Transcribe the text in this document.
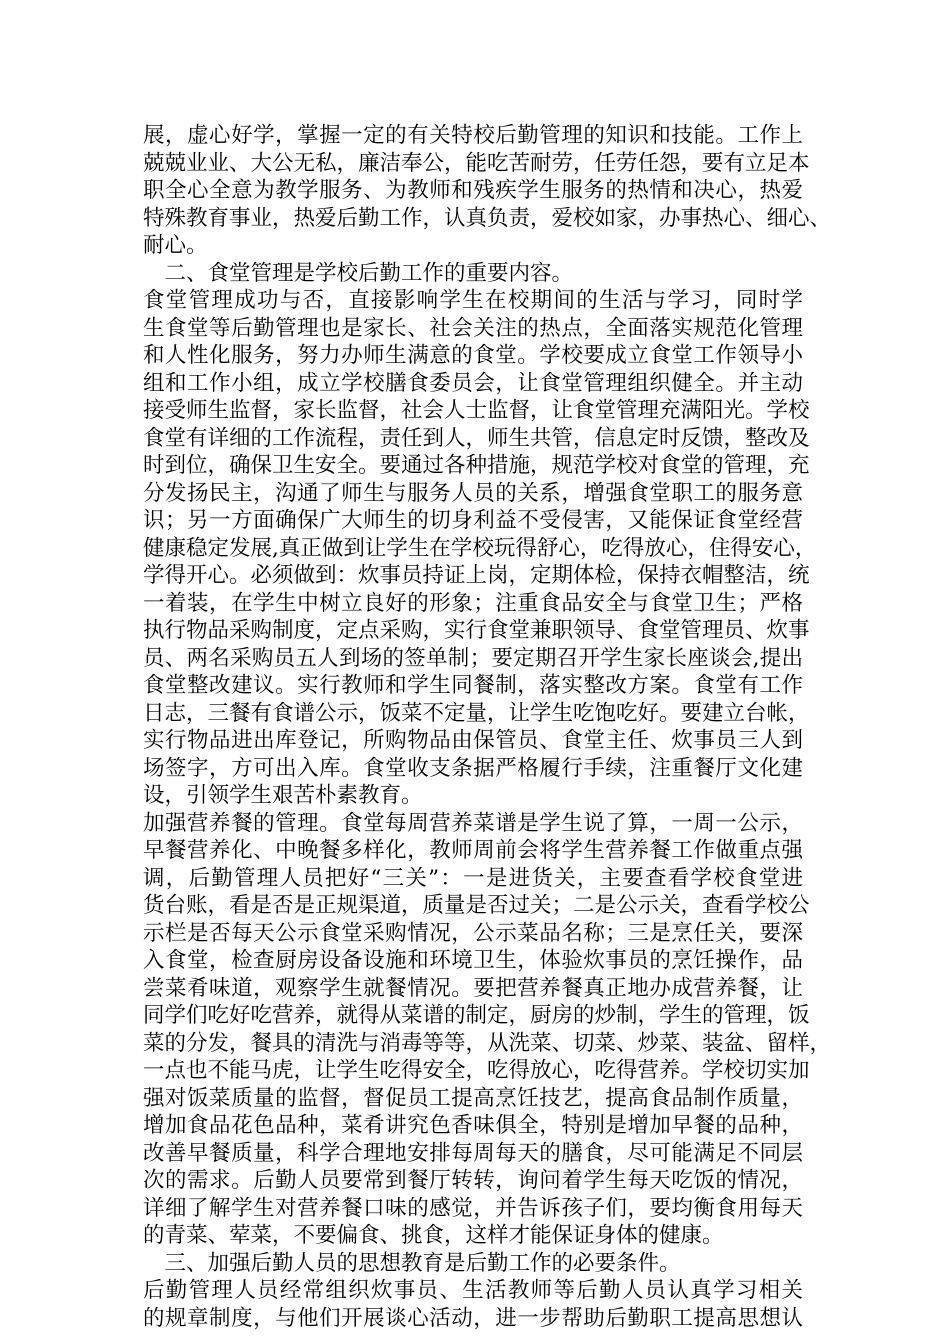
展，虚心好学，掌握一定的有关特校后勤管理的知识和技能。工作上
兢兢业业、大公无私，廉洁奉公，能吃苦耐劳，任劳任怨，要有立足本
职全心全意为教学服务、为教师和残疾学生服务的热情和决心，热爱
特殊教育事业，热爱后勤工作，认真负责，爱校如家，办事热心、细心、
耐心。
　二、食堂管理是学校后勤工作的重要内容。
食堂管理成功与否，直接影响学生在校期间的生活与学习，同时学
生食堂等后勤管理也是家长、社会关注的热点，全面落实规范化管理
和人性化服务，努力办师生满意的食堂。学校要成立食堂工作领导小
组和工作小组，成立学校膳食委员会，让食堂管理组织健全。并主动
接受师生监督，家长监督，社会人士监督，让食堂管理充满阳光。学校
食堂有详细的工作流程，责任到人，师生共管，信息定时反馈，整改及
时到位，确保卫生安全。要通过各种措施，规范学校对食堂的管理，充
分发扬民主，沟通了师生与服务人员的关系，增强食堂职工的服务意
识；另一方面确保广大师生的切身利益不受侵害，又能保证食堂经营
健康稳定发展,真正做到让学生在学校玩得舒心，吃得放心，住得安心，
学得开心。必须做到：炊事员持证上岗，定期体检，保持衣帽整洁，统
一着装，在学生中树立良好的形象；注重食品安全与食堂卫生；严格
执行物品采购制度，定点采购，实行食堂兼职领导、食堂管理员、炊事
员、两名采购员五人到场的签单制；要定期召开学生家长座谈会,提出
食堂整改建议。实行教师和学生同餐制，落实整改方案。食堂有工作
日志，三餐有食谱公示，饭菜不定量，让学生吃饱吃好。要建立台帐，
实行物品进出库登记，所购物品由保管员、食堂主任、炊事员三人到
场签字，方可出入库。食堂收支条据严格履行手续，注重餐厅文化建
设，引领学生艰苦朴素教育。
加强营养餐的管理。食堂每周营养菜谱是学生说了算，一周一公示，
早餐营养化、中晚餐多样化，教师周前会将学生营养餐工作做重点强
调，后勤管理人员把好“三关”：一是进货关，主要查看学校食堂进
货台账，看是否是正规渠道，质量是否过关；二是公示关，查看学校公
示栏是否每天公示食堂采购情况，公示菜品名称；三是烹任关，要深
入食堂，检查厨房设备设施和环境卫生，体验炊事员的烹饪操作，品
尝菜肴味道，观察学生就餐情况。要把营养餐真正地办成营养餐，让
同学们吃好吃营养，就得从菜谱的制定，厨房的炒制，学生的管理，饭
菜的分发，餐具的清洗与消毒等等，从洗菜、切菜、炒菜、装盆、留样，
一点也不能马虎，让学生吃得安全，吃得放心，吃得营养。学校切实加
强对饭菜质量的监督，督促员工提高烹饪技艺，提高食品制作质量，
增加食品花色品种，菜肴讲究色香味俱全，特别是增加早餐的品种，
改善早餐质量，科学合理地安排每周每天的膳食，尽可能满足不同层
次的需求。后勤人员要常到餐厅转转，询问着学生每天吃饭的情况，
详细了解学生对营养餐口味的感觉，并告诉孩子们，要均衡食用每天
的青菜、荤菜，不要偏食、挑食，这样才能保证身体的健康。
　三、加强后勤人员的思想教育是后勤工作的必要条件。
后勤管理人员经常组织炊事员、生活教师等后勤人员认真学习相关
的规章制度，与他们开展谈心活动，进一步帮助后勤职工提高思想认
